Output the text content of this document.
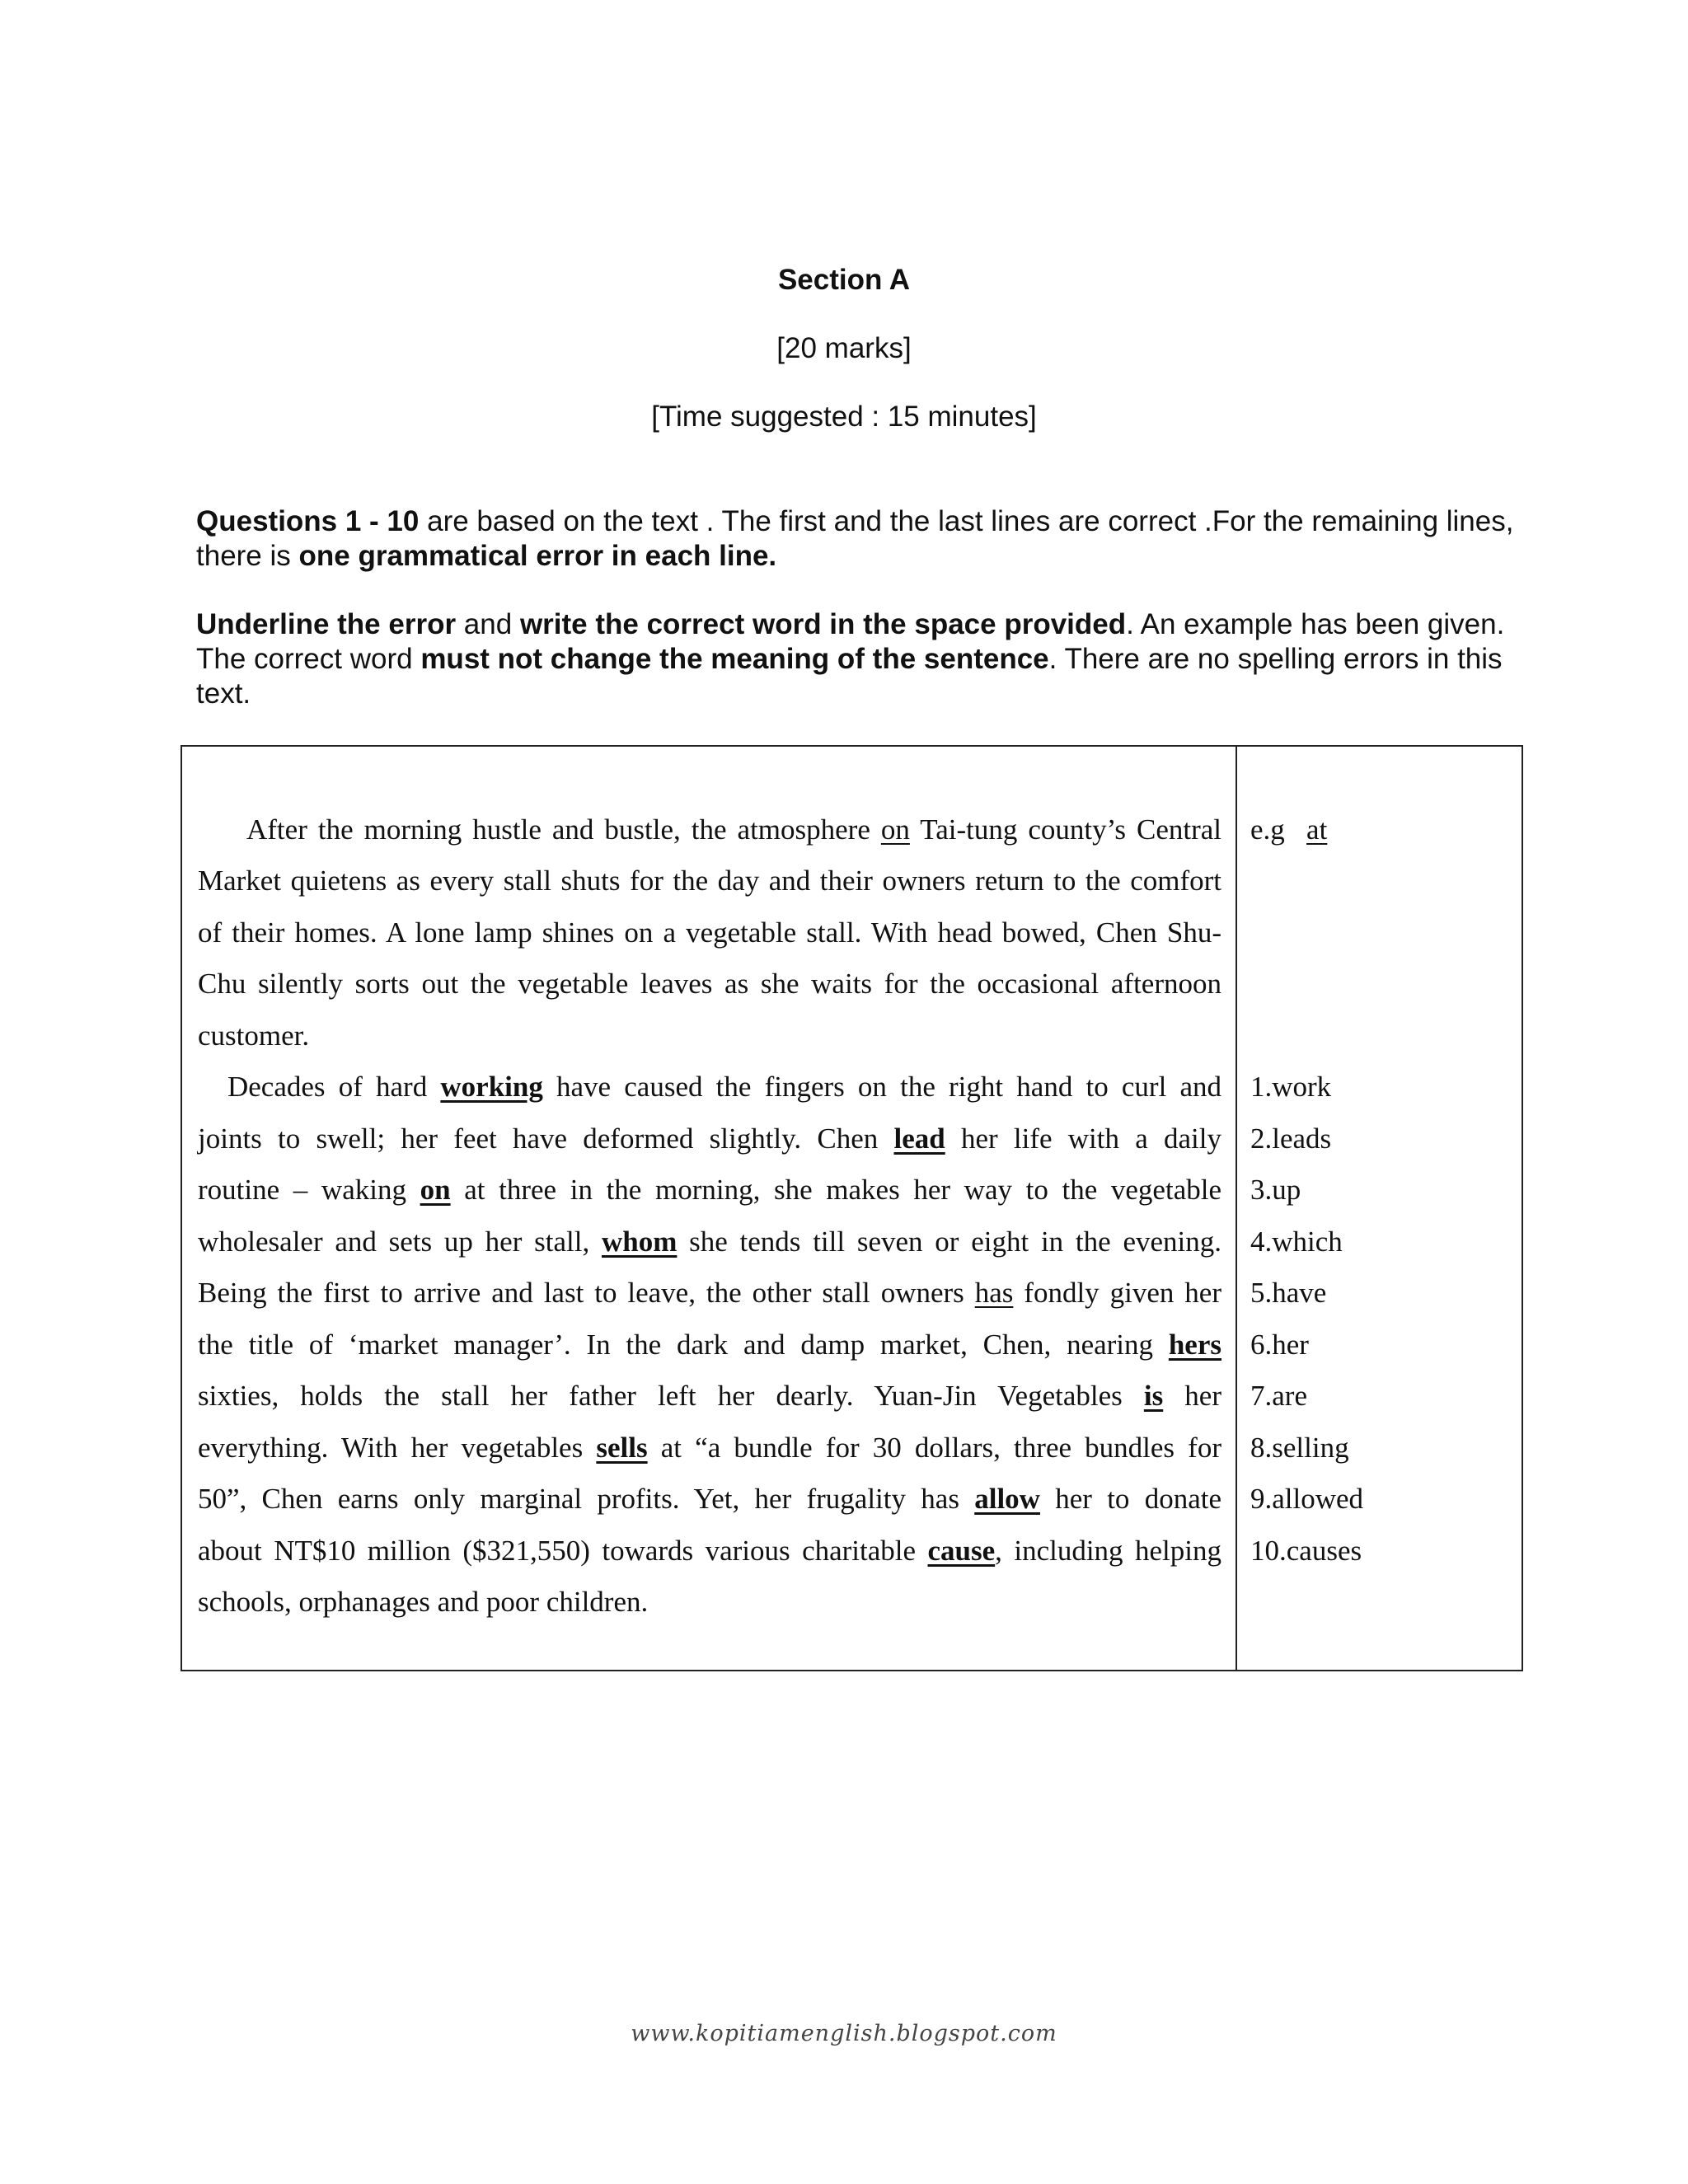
Section A
[20 marks]
[Time suggested : 15 minutes]

Questions 1 - 10 are based on the text . The first and the last lines are correct .For the remaining lines, there is one grammatical error in each line.

Underline the error and write the correct word in the space provided. An example has been given. The correct word must not change the meaning of the sentence. There are no spelling errors in this text.

After the morning hustle and bustle, the atmosphere on Tai-tung county’s Central
Market quietens as every stall shuts for the day and their owners return to the comfort
of their homes. A lone lamp shines on a vegetable stall. With head bowed, Chen Shu-
Chu silently sorts out the vegetable leaves as she waits for the occasional afternoon
customer.
Decades of hard working have caused the fingers on the right hand to curl and
joints to swell; her feet have deformed slightly. Chen lead her life with a daily
routine – waking on at three in the morning, she makes her way to the vegetable
wholesaler and sets up her stall, whom she tends till seven or eight in the evening.
Being the first to arrive and last to leave, the other stall owners has fondly given her
the title of ‘market manager’. In the dark and damp market, Chen, nearing hers
sixties, holds the stall her father left her dearly. Yuan-Jin Vegetables is her
everything. With her vegetables sells at “a bundle for 30 dollars, three bundles for
50”, Chen earns only marginal profits. Yet, her frugality has allow her to donate
about NT$10 million ($321,550) towards various charitable cause, including helping
schools, orphanages and poor children.
e.g at
1.work
2.leads
3.up
4.which
5.have
6.her
7.are
8.selling
9.allowed
10.causes
www.kopitiamenglish.blogspot.com
